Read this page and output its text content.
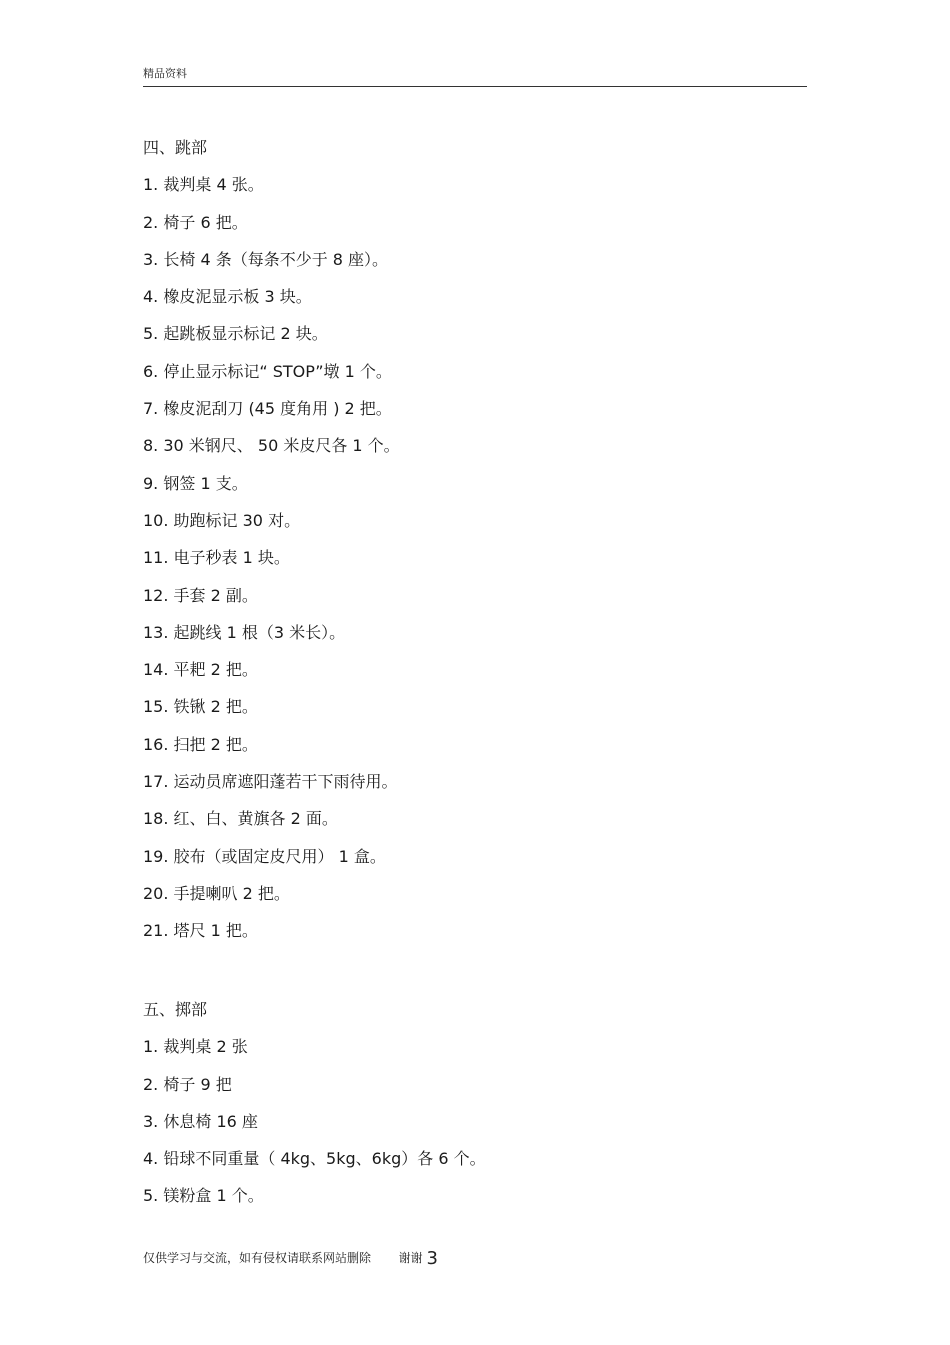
精品资料
四、跳部
1. 裁判桌 4 张。
2. 椅子 6 把。
3. 长椅 4 条（每条不少于 8 座）。
4. 橡皮泥显示板 3 块。
5. 起跳板显示标记 2 块。
6. 停止显示标记“ STOP”墩 1 个。
7. 橡皮泥刮刀 (45 度角用 ) 2 把。
8. 30 米钢尺、 50 米皮尺各 1 个。
9. 钢签 1 支。
10. 助跑标记 30 对。
11. 电子秒表 1 块。
12. 手套 2 副。
13. 起跳线 1 根（3 米长）。
14. 平耙 2 把。
15. 铁锹 2 把。
16. 扫把 2 把。
17. 运动员席遮阳蓬若干下雨待用。
18. 红、白、黄旗各 2 面。
19. 胶布（或固定皮尺用） 1 盒。
20. 手提喇叭 2 把。
21. 塔尺 1 把。
五、掷部
1. 裁判桌 2 张
2. 椅子 9 把
3. 休息椅 16 座
4. 铅球不同重量（ 4kg、5kg、6kg）各 6 个。
5. 镁粉盒 1 个。
仅供学习与交流，如有侵权请联系网站删除 谢谢 3
